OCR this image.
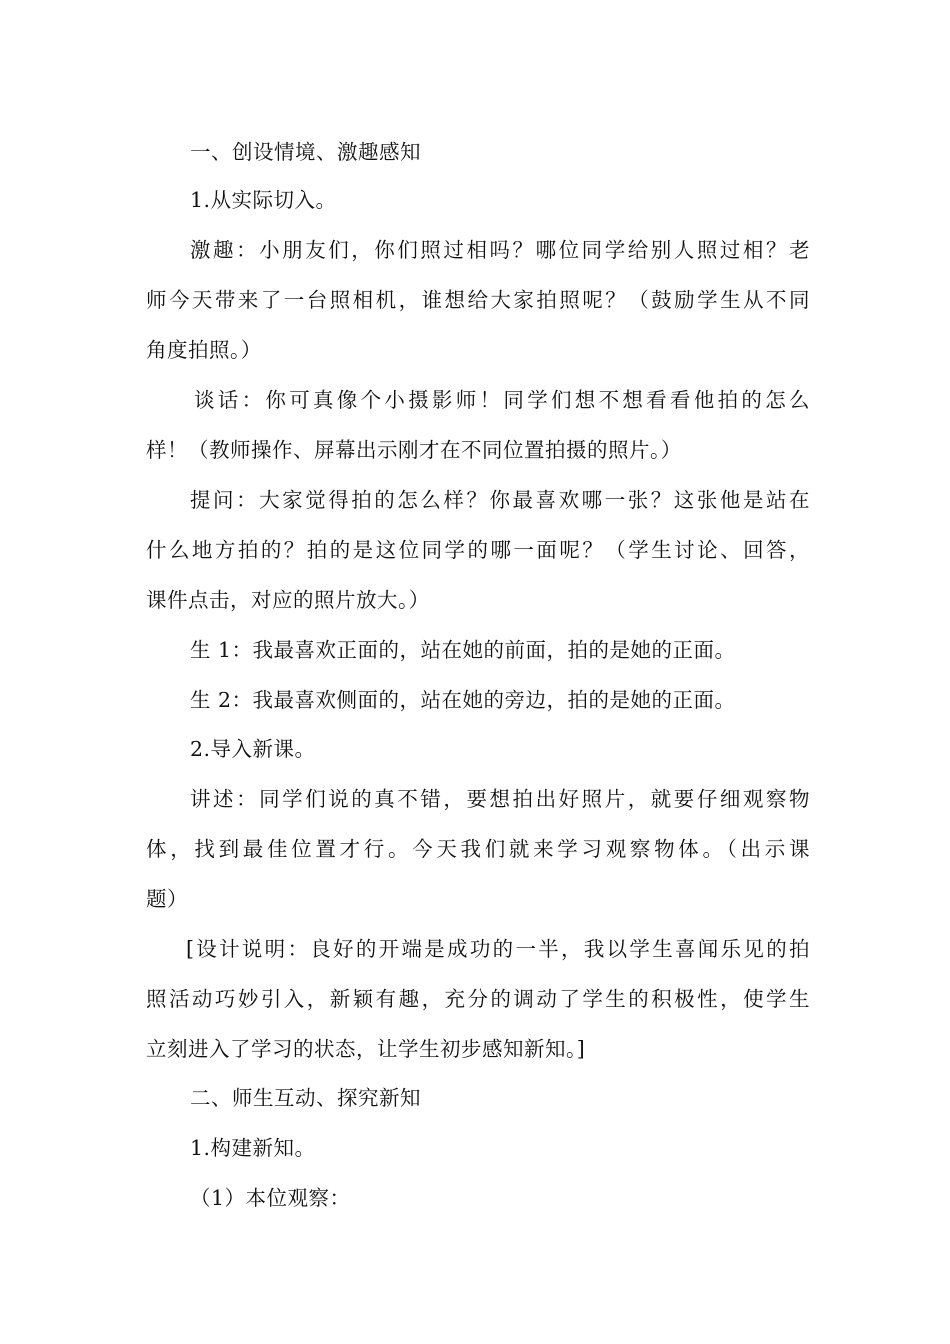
一、创设情境、激趣感知
1.从实际切入。
激趣：小朋友们，你们照过相吗？哪位同学给别人照过相？老
师今天带来了一台照相机，谁想给大家拍照呢？（鼓励学生从不同
角度拍照。）
谈话：你可真像个小摄影师！同学们想不想看看他拍的怎么
样！（教师操作、屏幕出示刚才在不同位置拍摄的照片。）
提问：大家觉得拍的怎么样？你最喜欢哪一张？这张他是站在
什么地方拍的？拍的是这位同学的哪一面呢？（学生讨论、回答，
课件点击，对应的照片放大。）
生 1：我最喜欢正面的，站在她的前面，拍的是她的正面。
生 2：我最喜欢侧面的，站在她的旁边，拍的是她的正面。
2.导入新课。
讲述：同学们说的真不错，要想拍出好照片，就要仔细观察物
体，找到最佳位置才行。今天我们就来学习观察物体。（出示课
题）
[设计说明：良好的开端是成功的一半，我以学生喜闻乐见的拍
照活动巧妙引入，新颖有趣，充分的调动了学生的积极性，使学生
立刻进入了学习的状态，让学生初步感知新知。]
二、师生互动、探究新知
1.构建新知。
（1）本位观察：
